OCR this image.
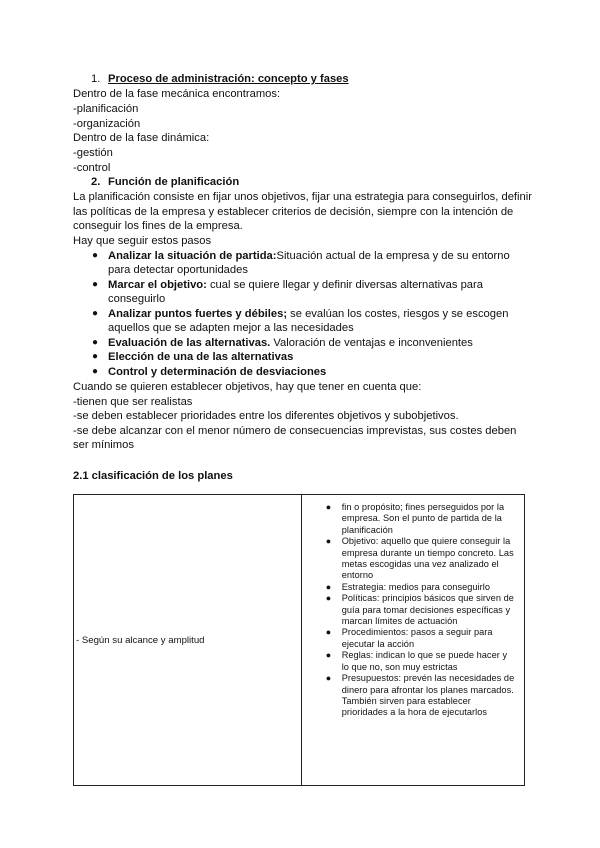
1. Proceso de administración: concepto y fases
Dentro de la fase mecánica encontramos:
-planificación
-organización
Dentro de la fase dinámica:
-gestión
-control
2. Función de planificación
La planificación consiste en fijar unos objetivos, fijar una estrategia para conseguirlos, definir las políticas de la empresa y establecer criterios de decisión, siempre con la intención de conseguir los fines de la empresa.
Hay que seguir estos pasos
● Analizar la situación de partida:Situación actual de la empresa y de su entorno para detectar oportunidades
● Marcar el objetivo: cual se quiere llegar y definir diversas alternativas para conseguirlo
● Analizar puntos fuertes y débiles; se evalúan los costes, riesgos y se escogen aquellos que se adapten mejor a las necesidades
● Evaluación de las alternativas. Valoración de ventajas e inconvenientes
● Elección de una de las alternativas
● Control y determinación de desviaciones
Cuando se quieren establecer objetivos, hay que tener en cuenta que:
-tienen que ser realistas
-se deben establecer prioridades entre los diferentes objetivos y subobjetivos.
-se debe alcanzar con el menor número de consecuencias imprevistas, sus costes deben ser mínimos
2.1 clasificación de los planes
- Según su alcance y amplitud	
● fin o propósito; fines perseguidos por la empresa. Son el punto de partida de la planificación
● Objetivo: aquello que quiere conseguir la empresa durante un tiempo concreto. Las metas escogidas una vez analizado el entorno
● Estrategia: medios para conseguirlo
● Políticas: principios básicos que sirven de guía para tomar decisiones específicas y marcan límites de actuación
● Procedimientos: pasos a seguir para ejecutar la acción
● Reglas: indican lo que se puede hacer y lo que no, son muy estrictas
● Presupuestos: prevén las necesidades de dinero para afrontar los planes marcados. También sirven para establecer prioridades a la hora de ejecutarlos
